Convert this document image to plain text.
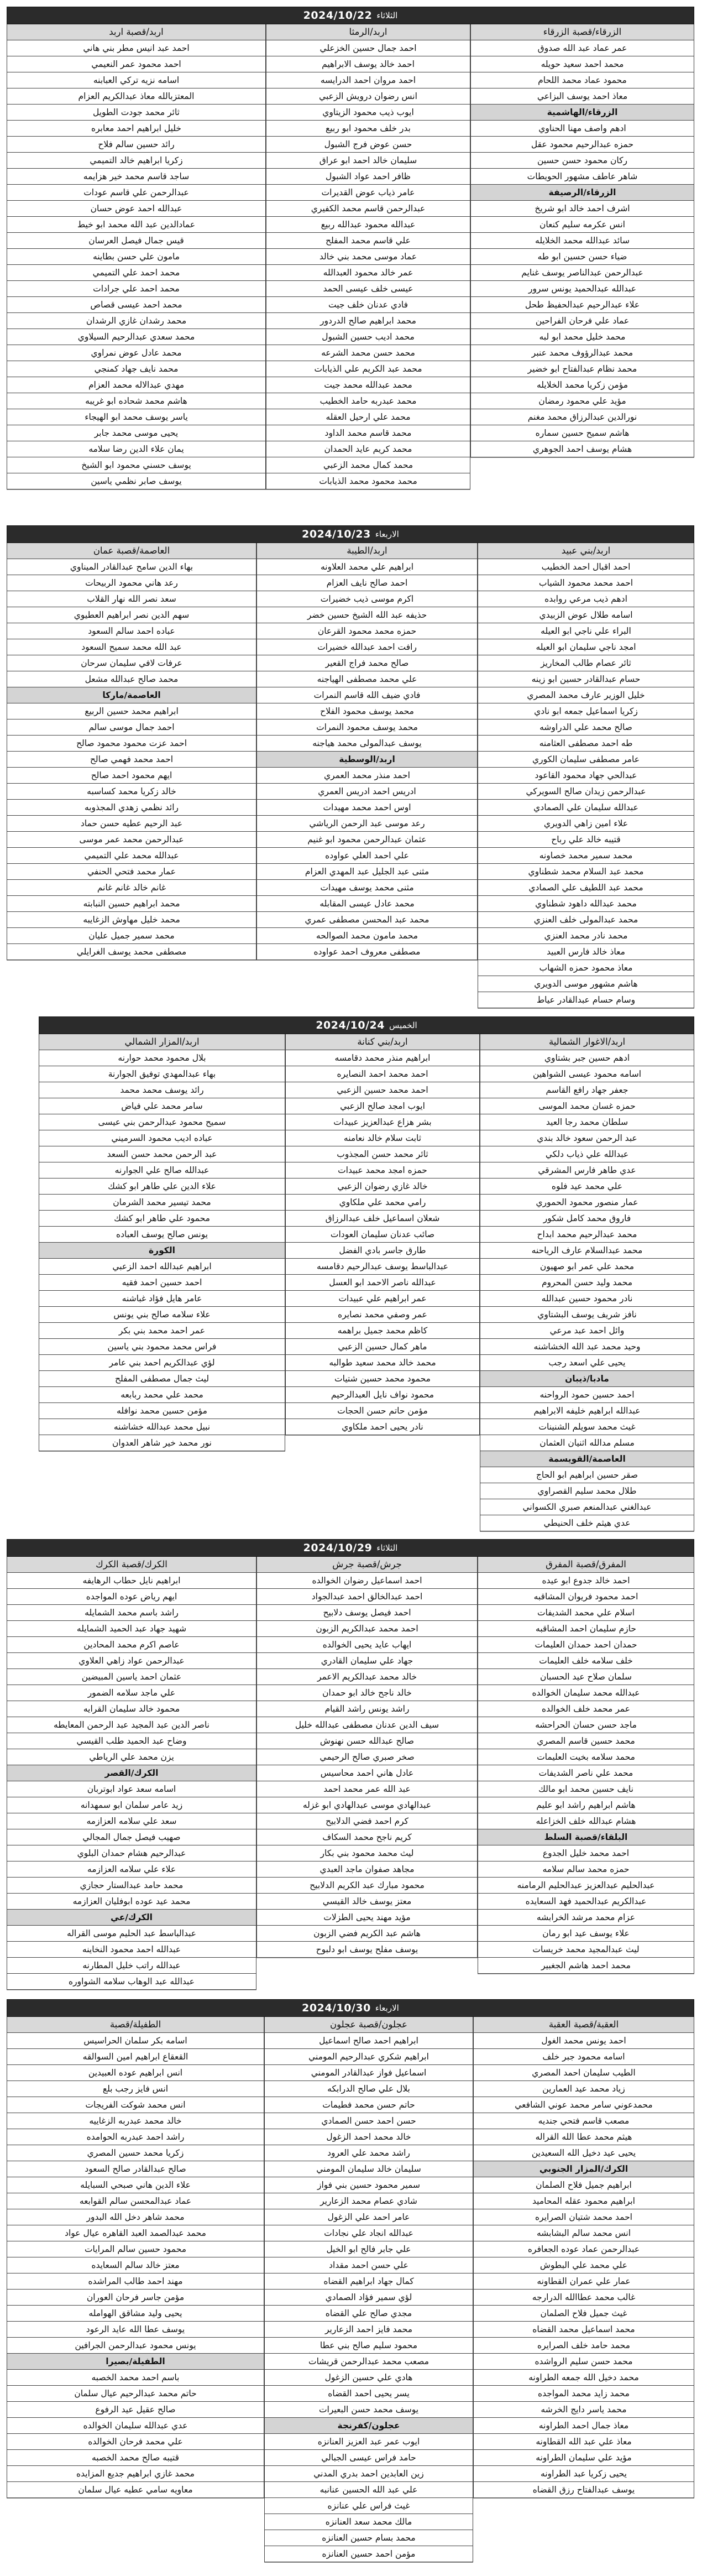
الثلاثاء
2024/10/22
الزرقاء/قصبة الزرقاء
عمر عماد عبد الله صدوق
محمد احمد سعيد حويله
محمود عماد محمد اللحام
معاذ احمد يوسف البزاعي
الزرقاء/الهاشمية
ادهم واصف مهنا الحناوي
حمزه عبدالرحيم محمود عقل
ركان محمود حسن حسين
شاهر عاطف مشهور الحويطات
الزرقاء/الرصيفة
اشرف احمد خالد ابو شريخ
انس عكرمه سليم كنعان
سائد عبدالله محمد الخلايله
ضياء حسن حسين ابو طه
عبدالرحمن عبدالناصر يوسف غنايم
عبدالله عبدالحميد يونس سرور
علاء عبدالرحيم عبدالحفيظ طحل
عماد علي فرحان الفراحين
محمد خليل محمد ابو لبه
محمد عبدالرؤوف محمد عنبر
محمد نظام عبدالفتاح ابو خضير
مؤمن زكريا محمد الخلايله
مؤيد علي محمود رمضان
نورالدين عبدالرزاق محمد مغنم
هاشم سميح حسين سماره
هشام يوسف احمد الجوهري
اربد/الرمثا
احمد جمال حسين الخزعلي
احمد خالد يوسف الابراهيم
احمد مروان احمد الدرايسه
انس رضوان درويش الزعبي
ايوب ذيب محمود الزيتاوي
بدر خلف محمود ابو ربيع
حسن عوض فرج الشبول
سليمان خالد احمد ابو عراق
ظافر احمد عواد الشبول
عامر ذياب عوض القديرات
عبدالرحمن قاسم محمد الكفيري
عبدالله محمود عبدالله ربيع
علي قاسم محمد المفلح
عماد موسى محمد بني خالد
عمر خالد محمود العبدالله
عيسى خلف عيسى الحمد
فادي عدنان خلف جيت
محمد ابراهيم صالح الدردور
محمد اديب حسين الشبول
محمد حسن محمد الشرعه
محمد عبد الكريم علي الذيابات
محمد عبدالله محمد جيت
محمد عبدربه حامد الخطيب
محمد علي ارحيل العقله
محمد قاسم محمد الداود
محمد كريم عايد الحمدان
محمد كمال محمد الزعبي
محمد محمود محمد الذيابات
اربد/قصبة اربد
احمد عبد انيس مطر بني هاني
احمد محمود عمر النعيمي
اسامه نزيه تركي العبابنه
المعتزبالله معاذ عبدالكريم العزام
ثائر محمد جودت الطويل
خليل ابراهيم احمد معابره
رائد حسين سالم فلاح
زكريا ابراهيم خالد التميمي
ساجد قاسم محمد خير هزايمه
عبدالرحمن علي قاسم عودات
عبدالله احمد عوض حسان
عمادالدين عبد الله محمد ابو خيط
قيس جمال فيصل العرسان
مامون علي حسن بطاينه
محمد احمد علي التميمي
محمد احمد علي جرادات
محمد احمد عيسى قصاص
محمد رشدان غازي الرشدان
محمد سعدي عبدالرحيم السيلاوي
محمد عادل عوض نمراوي
محمد نايف جهاد كمنجي
مهدي عبدالاله محمد العزام
هاشم محمد شحاده ابو غريبه
ياسر يوسف محمد ابو الهيجاء
يحيى موسى محمد جابر
يمان علاء الدين رضا سلامه
يوسف حسني محمود ابو الشيخ
يوسف صابر نظمي ياسين
الاربعاء
2024/10/23
اربد/بني عبيد
احمد اقبال احمد الخطيب
احمد محمد محمود الشياب
ادهم ذيب مرعي روابده
اسامه طلال عوض الزبيدي
البراء علي ناجي ابو العيله
امجد ناجي سليمان ابو العيله
ثائر عصام طالب المخاريز
حسام عبدالقادر حسين ابو زينه
خليل الوزير عارف محمد المصري
زكريا اسماعيل جمعه ابو نادي
صالح محمد علي الدراوشه
طه احمد مصطفى العثامنه
عامر مصطفى سليمان الكوري
عبدالحي جهاد محمود القاعود
عبدالرحمن زيدان صالح السويركي
عبدالله سليمان علي الصمادي
علاء امين زاهي الدويري
قتيبه خالد علي رباح
محمد سمير محمد خصاونه
محمد عبد السلام محمد شطناوي
محمد عبد اللطيف علي الصمادي
محمد عبدالله داهود شطناوي
محمد عبدالمولى خلف العنزي
محمد نادر محمد العنزي
معاذ خالد فارس العبيد
معاذ محمود حمزه الشهاب
هاشم مشهور موسى الدويري
وسام حسام عبدالقادر عياط
اربد/الطيبة
ابراهيم علي محمد العلاونه
احمد صالح نايف العزام
اكرم موسى ذيب خضيرات
حذيفه عبد الله الشيخ حسين خضر
حمزه محمد محمود القرعان
رافت احمد عبدالله خضيرات
صالح محمد فراج القعير
علي محمد مصطفى الهياجنه
فادي ضيف الله قاسم النمرات
محمد يوسف محمود الفلاح
محمد يوسف محمود النمرات
يوسف عبدالمولى محمد هياجنه
اربد/الوسطية
احمد منذر محمد العمري
ادريس احمد ادريس العمري
اوس احمد محمد مهيدات
رعد موسى عبد الرحمن الرياشي
عثمان عبدالرحمن محمود ابو غنيم
علي احمد العلي عواوده
مثنى عبد الجليل عبد المهدي العزام
مثنى محمد يوسف مهيدات
محمد عادل عيسى المقابله
محمد عبد المحسن مصطفى عمري
محمد مامون محمد الصوالحه
مصطفى معروف احمد عواوده
العاصمة/قصبة عمان
بهاء الدين سامح عبدالقادر الميناوي
رعد هاني محمود الربيحات
سعد نصر الله نهار القلاب
سهم الدين نصر ابراهيم العطيوي
عباده احمد سالم السعود
عبد الله محمد سميح السعود
عرفات لافي سليمان سرحان
محمد صالح عبدالله مشعل
العاصمة/ماركا
ابراهيم محمد حسين الربيع
احمد جمال موسى سالم
احمد عزت محمود محمود صالح
احمد محمد فهمي صالح
ايهم محمود احمد صالح
خالد زكريا محمد كساسبه
رائد نظمي زهدي المجذوبه
عبد الرحيم عطيه حسن حماد
عبدالرحمن محمد عمر موسى
عبدالله محمد علي التميمي
عمار محمد فتحي الحنفي
غانم خالد غانم غانم
محمد ابراهيم حسين النبابته
محمد خليل مهاوش الزغايبه
محمد سمير جميل عليان
مصطفى محمد يوسف الغرايلي
الخميس
2024/10/24
اربد/الاغوار الشمالية
ادهم حسين جبر بشتاوي
اسامه محمود عيسى الشواهين
جعفر جهاد رافع القاسم
حمزه غسان محمد الموسى
سلطان محمد رجا العيد
عبد الرحمن سعود خالد بندي
عبدالله علي ذياب دلكي
عدي طاهر فارس المشرقي
علي محمد عيد فلوه
عمار منصور محمود الحموري
فاروق محمد كامل شكور
محمد عبدالرحيم محمد ابداح
محمد عبدالسلام عارف الرياحنه
محمد علي عمر ابو صهيون
محمد وليد حسن المحروم
نادر محمود حسين عبدالله
نافز شريف يوسف البشتاوي
وائل احمد عبد مرعي
وحيد محمد عبد الله الخشاشنه
يحيى علي اسعد رجب
مادبا/ذيبان
احمد حسين حمود الرواحنه
عبدالله ابراهيم خليفه الابراهيم
غيث محمد سويلم الشنينات
مسلم مدالله اثنيان العثمان
العاصمة/القويسمة
صقر حسين ابراهيم ابو الحاج
طلال محمد سليم القصراوي
عبدالغني عبدالمنعم صبري الكسواني
عدي هيثم خلف الحنيطي
اربد/بني كنانة
ابراهيم منذر محمد دقامسه
احمد محمد احمد النصايره
احمد محمد حسين الزعبي
ايوب امجد صالح الزعبي
بشر هزاع عبدالعزيز عبيدات
ثابت سلام خالد نعامنه
ثائر محمد حسن المجذوب
حمزه امجد محمد عبيدات
خالد غازي رضوان الزعبي
رامي محمد علي ملكاوي
شعلان اسماعيل خلف عبدالرزاق
صائب عدنان سليمان العودات
طارق جاسر بادي الفضل
عبدالباسط يوسف عبدالرحيم دقامسه
عبدالله ناصر الاحمد ابو العسل
عمر ابراهيم علي عبيدات
عمر وصفي محمد نصايره
كاظم محمد جميل براهمه
ماهر كمال حسين الزعبي
محمد خالد محمد سعيد طوالبه
محمود محمد حسين شتيات
محمود نواف نايل العبدالرحيم
مؤمن حاتم حسن الحجات
نادر يحيى احمد ملكاوي
اربد/المزار الشمالي
بلال محمود محمد حوارنه
بهاء عبدالمهدي توفيق الجوارنة
رائد يوسف محمد محمد
سامر محمد علي فياض
سميح محمود عبدالرحمن بني عيسى
عباده اديب محمود السرميني
عبد الرحمن محمد حسن السعد
عبدالله صالح علي الجوارنه
علاء الدين علي طاهر ابو كشك
محمد تيسير محمد الشرمان
محمود علي طاهر ابو كشك
يونس صالح يوسف العباده
الكورة
ابراهيم عبدالله احمد الزعبي
احمد حسين احمد فقيه
عامر هايل فؤاد غباشنه
علاء سلامه صالح بني يونس
عمر احمد محمد بني بكر
فراس محمد محمود بني ياسين
لؤي عبدالكريم احمد بني عامر
ليث جمال مصطفى المفلح
محمد علي محمد ربابعه
مؤمن حسين محمد نوافله
نبيل محمد عبدالله خشاشنه
نور محمد خير شاهر العدوان
الثلاثاء
2024/10/29
المفرق/قصبة المفرق
احمد خالد جدوع ابو عيده
احمد محمود فريوان المشاقبه
اسلام علي محمد الشديفات
حازم سليمان احمد المشاقبه
حمدان احمد حمدان العليمات
خلف سلامه خلف العليمات
سلمان صلاح عيد الحسبان
عبدالله محمد سليمان الخوالده
عمر محمد خلف الخوالده
ماجد حسن حسان الحراحشه
محمد حسين قاسم المصري
محمد سلامه بخيت العليمات
محمد علي ناصر الشديفات
نايف حسين محمد ابو مالك
هاشم ابراهيم راشد ابو عليم
هشام عبدالله خلف الخزاعله
البلقاء/قصبة السلط
احمد محمد خليل الجدوع
حمزه محمد سالم سلامه
عبدالحليم عبدالعزيز عبدالحليم الرمامنه
عبدالكريم عبدالحميد فهد السعايده
عزام محمد مرشد الخرابشه
علاء يوسف عيد ابو رمان
ليث عبدالمجيد محمد خريسات
محمد احمد هاشم الجغبير
جرش/قصبة جرش
احمد اسماعيل رضوان الخوالده
احمد عبدالخالق احمد عبدالجواد
احمد فيصل يوسف دلابيح
احمد محمد عبدالكريم الزبون
ايهاب عايد يحيى الخوالده
جهاد علي سليمان القادري
خالد محمد عبدالكريم الاعمر
خالد ناجح خالد ابو حمدان
راشد يونس راشد القيام
سيف الدين عدنان مصطفى عبدالله خليل
صالح عبدالله حسن نهنوش
صخر صبري صالح الرحيمي
عادل هاني احمد محاسيس
عبد الله عمر محمد احمد
عبدالهادي موسى عبدالهادي ابو غزله
كرم احمد فضي الدلابيح
كريم ناجح محمد السكاف
ليث محمد محمود بني بكار
مجاهد صفوان ماجد العبدي
محمود مبارك عبد الكريم الدلابيح
معتز يوسف خالد القيسي
مؤيد مهند يحيى الطزلات
هاشم عبد الكريم فضي الزبون
يوسف مفلح يوسف ابو دلبوح
الكرك/قصبة الكرك
ابراهيم نايل حطاب الرهايفه
ايهم رياض عوده المواجده
راشد باسم محمد الشمايله
شهيد جهاد عبد الحميد الشمايله
عاصم اكرم محمد المحادين
عبدالرحمن عواد زاهي العلاوي
عثمان احمد ياسين المبيضين
علي ماجد سلامه الضمور
محمود خالد سليمان القرايه
ناصر الدين عبد المجيد عبد الرحمن المعايطه
وضاح عبد الحميد طلب القيسي
يزن محمد علي الرياطي
الكرك/القصر
اسامه سعد عواد ابوتربان
زيد عامر سلمان ابو سمهدانه
سعد علي سلامه العزازمه
صهيب فيصل جمال المجالي
عبدالرحيم هشام حمدان البلوي
علاء علي سلامه العزازمه
محمد حامد عبدالستار حجازي
محمد عيد عوده ابوفليان العزازمه
الكرك/عي
عبدالباسط عبد الحليم موسى القراله
عبدالله احمد محمود النخاينه
عبدالله راتب خليل المطارنه
عبدالله عبد الوهاب سلامه الشواوره
الاربعاء
2024/10/30
العقبة/قصبة العقبة
احمد يونس محمد الغول
اسامه محمود جبر خلف
الطيب سليمان احمد المصري
زياد محمد عيد العمارين
محمدعوني سامر محمد عوني الشافعي
مصعب قاسم فتحي جنديه
هيثم محمد عطا الله القراله
يحيى عيد دخيل الله السعيدين
الكرك/المزار الجنوبي
ابراهيم جميل فلاح الصلمان
ابراهيم محمود عقله المحاميد
احمد محمد شتيان الصرايره
انس محمد سالم البشابشه
عبدالرحمن عماد عوده الجعافره
علي محمد علي البطوش
عمار علي عمران القطاونه
غالب محمد عطاالله الدرارجه
غيث جميل فلاح الصلمان
محمد اسماعيل محمد القضاه
محمد حامد خلف الصرايره
محمد حسن سليم الرواشده
محمد دخيل الله جمعه الطراونه
محمد زايد محمد المواجده
محمد ياسر دايج الخرشه
معاذ جمال احمد الطراونه
معاذ علي عبد الله القطاونه
مؤيد علي سليمان الطراونه
يحيى زكريا عبد الطراونه
يوسف عبدالفتاح رزق القضاه
عجلون/قصبة عجلون
ابراهيم احمد صالح اسماعيل
ابراهيم شكري عبدالرحيم المومني
اسماعيل فواز عبدالقادر المومني
بلال علي صالح الدرابكه
حاتم حسن محمد فطيمات
حسن احمد حسن الصمادي
خالد محمد احمد الزغول
راشد محمد علي العرود
سليمان خالد سليمان المومني
سمير محمود حسين بني فواز
شادي عصام محمد الزعارير
عامر احمد علي الزغول
عبدالله انجاد علي نجادات
علي جابر فالح ابو الخيل
علي حسن احمد مقداد
كمال جهاد ابراهيم القضاه
لؤي سمير فؤاد الصمادي
مجدي صالح علي القضاه
محمد فايز احمد الزعارير
محمود سليم صالح بني عطا
مصعب محمد عبدالرحمن قريشات
هادي علي حسين الزغول
يسر يحيى احمد القضاه
يوسف محمد حسن البعيرات
عجلون/كفرنجة
ايوب عمر عبد العزيز العنانزه
حامد فراس عيسى الجبالي
زين العابدين احمد بدري المدني
علي عبد الله الحسين عنانبه
غيث فراس علي عنانزه
مالك محمد سعد العنانزه
محمد بسام حسين العنانزه
مؤمن احمد حسين العنانزه
الطفيلة/قصبة
اسامه بكر سلمان الحراسيس
القعقاع ابراهيم امين السوالقه
انس ابراهيم عوده العبيدين
انس فايز رجب بلع
انس محمد شوكت الفريجات
خالد محمد عبدربه الزغاييه
راشد احمد عبدربه الحوامده
زكريا محمد حسين المصري
صالح عبدالقادر صالح السعود
علاء الدين هاني صبحي السبايله
عماد عبدالمحسن سالم القوابعه
محمد شاهر دخل الله البدور
محمد عبدالصمد العبد القاهره عيال عواد
محمود حسين سالم المرايات
معتز خالد سالم السعايده
مهند احمد طالب المراشده
مؤمن جاسر فرحان العوران
يحيى وليد مشاقق الهوامله
يوسف عطا الله عايد الرعود
يونس محمود عبدالرحمن الجرافين
الطفيلة/بصيرا
باسم احمد محمد الخصبه
حاتم محمد عبدالرحيم عيال سلمان
صالح عقيل عيد الرفوع
عدي عبدالله سليمان الخوالده
علي محمد فرحان الخوالده
قتيبه صالح محمد الخصبه
محمد غازي ابراهيم جديع المزايده
معاويه سامي عطيه عيال سلمان
